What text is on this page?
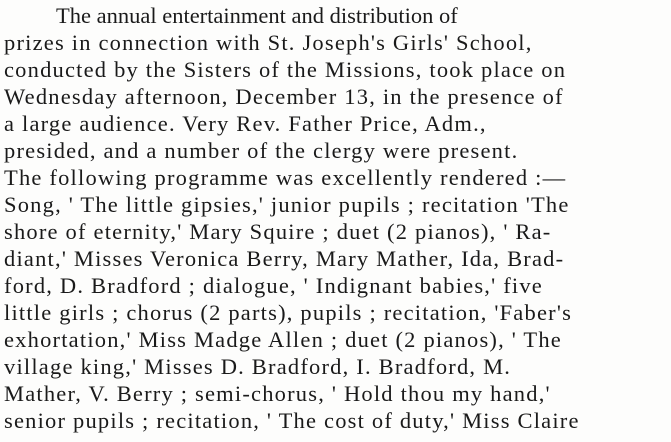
The annual entertainment and distribution of
prizes in connection with St. Joseph's Girls' School,
conducted by the Sisters of the Missions, took place on
Wednesday afternoon, December 13, in the presence of
a large audience. Very Rev. Father Price, Adm.,
presided, and a number of the clergy were present.
The following programme was excellently rendered :—
Song, ' The little gipsies,' junior pupils ; recitation 'The
shore of eternity,' Mary Squire ; duet (2 pianos), ' Ra-
diant,' Misses Veronica Berry, Mary Mather, Ida, Brad-
ford, D. Bradford ; dialogue, ' Indignant babies,' five
little girls ; chorus (2 parts), pupils ; recitation, 'Faber's
exhortation,' Miss Madge Allen ; duet (2 pianos), ' The
village king,' Misses D. Bradford, I. Bradford, M.
Mather, V. Berry ; semi-chorus, ' Hold thou my hand,'
senior pupils ; recitation, ' The cost of duty,' Miss Claire
